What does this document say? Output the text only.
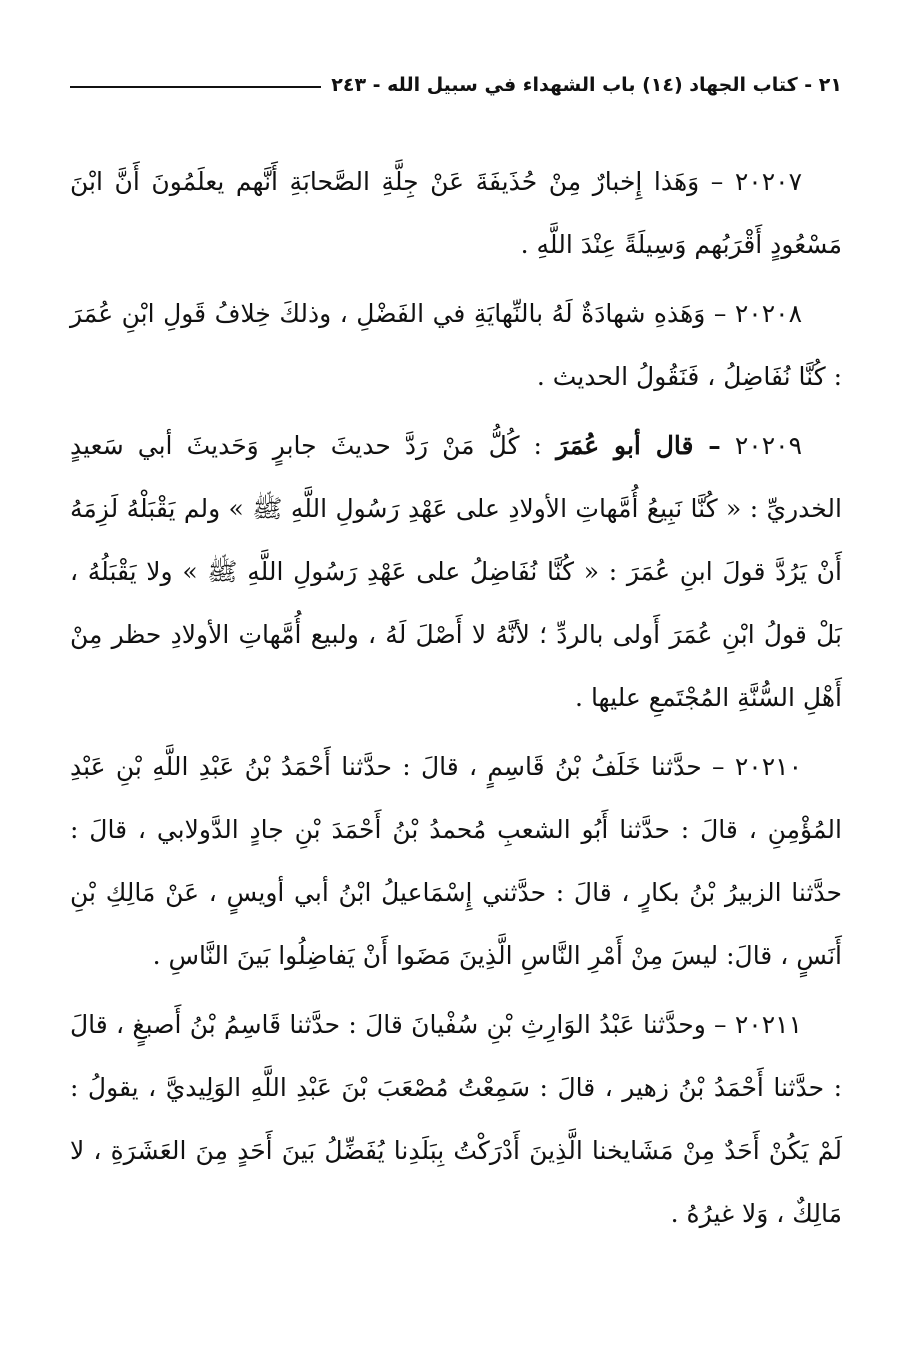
٢١ - كتاب الجهاد (١٤) باب الشهداء في سبيل الله - ٢٤٣

٢٠٢٠٧ – وَهَذا إِخبارٌ مِنْ حُذَيفَةَ عَنْ جِلَّةِ الصَّحابَةِ أَنَّهم يعلَمُونَ أَنَّ ابْنَ مَسْعُودٍ أَقْرَبُهم وَسِيلَةً عِنْدَ اللَّهِ .

٢٠٢٠٨ – وَهَذهِ شهادَةٌ لَهُ بالنِّهايَةِ في الفَضْلِ ، وذلكَ خِلافُ قَولِ ابْنِ عُمَرَ : كُنَّا نُفَاضِلُ ، فَنَقُولُ الحديث .

٢٠٢٠٩ – قال أبو عُمَرَ : كُلُّ مَنْ رَدَّ حديثَ جابرٍ وَحَديثَ أبي سَعيدٍ الخدريِّ : « كُنَّا نَبِيعُ أُمَّهاتِ الأولادِ على عَهْدِ رَسُولِ اللَّهِ ﷺ » ولم يَقْبَلْهُ لَزِمَهُ أَنْ يَرُدَّ قولَ ابنِ عُمَرَ : « كُنَّا نُفَاضِلُ على عَهْدِ رَسُولِ اللَّهِ ﷺ » ولا يَقْبَلُهُ ، بَلْ قولُ ابْنِ عُمَرَ أَولى بالردِّ ؛ لأنَّهُ لا أَصْلَ لَهُ ، ولبيع أُمَّهاتِ الأولادِ حظر مِنْ أَهْلِ السُّنَّةِ المُجْتَمعِ عليها .

٢٠٢١٠ – حدَّثنا خَلَفُ بْنُ قَاسِمٍ ، قالَ : حدَّثنا أَحْمَدُ بْنُ عَبْدِ اللَّهِ بْنِ عَبْدِ المُؤْمِنِ ، قالَ : حدَّثنا أَبُو الشعبِ مُحمدُ بْنُ أَحْمَدَ بْنِ جادٍ الدَّولابي ، قالَ : حدَّثنا الزبيرُ بْنُ بكارٍ ، قالَ : حدَّثني إِسْمَاعيلُ ابْنُ أبي أويسٍ ، عَنْ مَالِكِ بْنِ أَنَسٍ ، قالَ: ليسَ مِنْ أَمْرِ النَّاسِ الَّذِينَ مَضَوا أَنْ يَفاضِلُوا بَينَ النَّاسِ .

٢٠٢١١ – وحدَّثنا عَبْدُ الوَارِثِ بْنِ سُفْيانَ قالَ : حدَّثنا قَاسِمُ بْنُ أَصبغٍ ، قالَ : حدَّثنا أَحْمَدُ بْنُ زهير ، قالَ : سَمِعْتُ مُصْعَبَ بْنَ عَبْدِ اللَّهِ الوَلِيديَّ ، يقولُ : لَمْ يَكُنْ أَحَدٌ مِنْ مَشَايخنا الَّذِينَ أَدْرَكْتُ بِبَلَدِنا يُفَضِّلُ بَينَ أَحَدٍ مِنَ العَشَرَةِ ، لا مَالِكٌ ، وَلا غيرُهُ .
